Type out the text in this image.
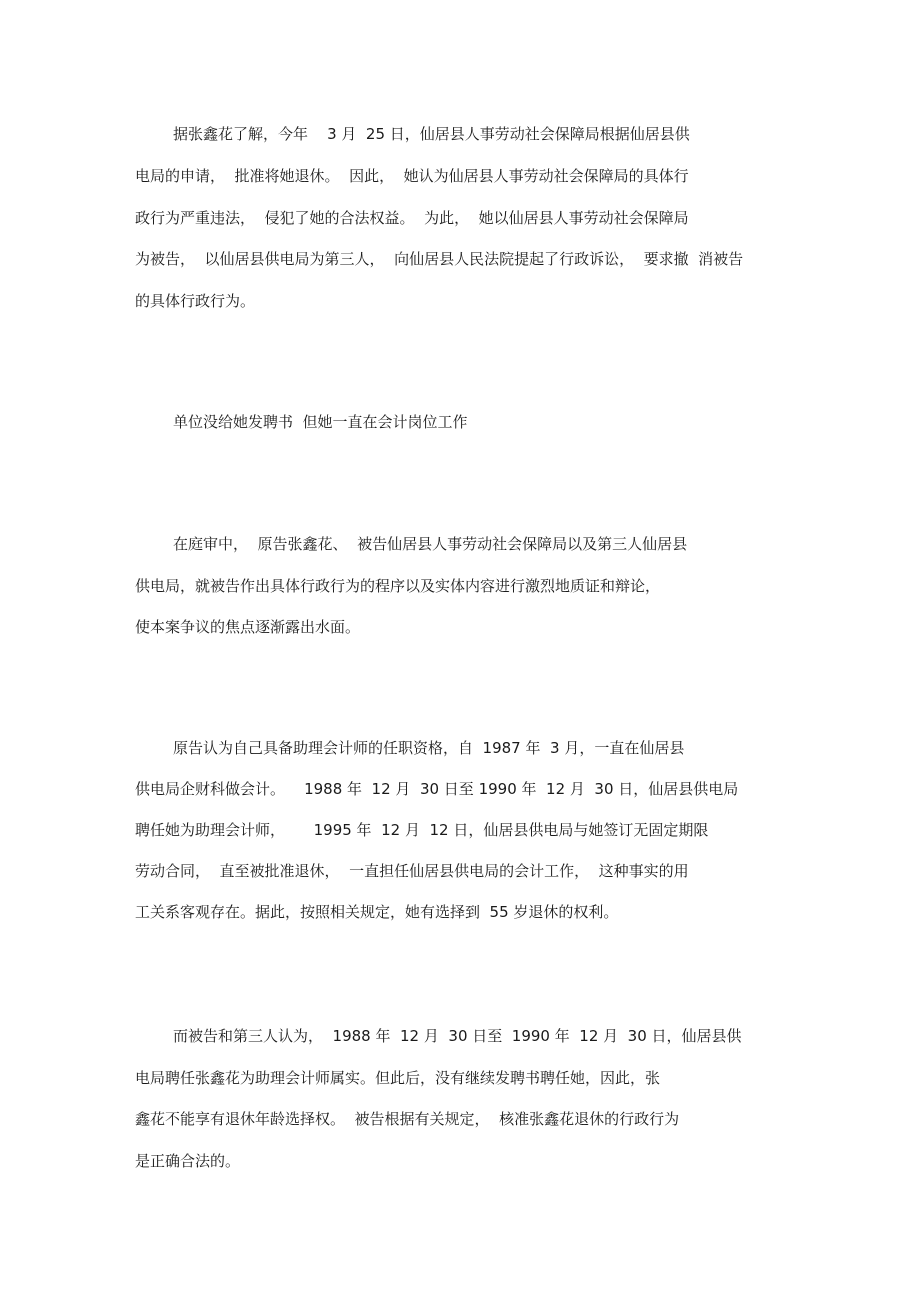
据张鑫花了解，今年    3 月  25 日，仙居县人事劳动社会保障局根据仙居县供
电局的申请，  批准将她退休。  因此，  她认为仙居县人事劳动社会保障局的具体行
政行为严重违法，  侵犯了她的合法权益。  为此，  她以仙居县人事劳动社会保障局
为被告，  以仙居县供电局为第三人，  向仙居县人民法院提起了行政诉讼，  要求撤  消被告
的具体行政行为。
单位没给她发聘书  但她一直在会计岗位工作
在庭审中，  原告张鑫花、  被告仙居县人事劳动社会保障局以及第三人仙居县
供电局，就被告作出具体行政行为的程序以及实体内容进行激烈地质证和辩论，
使本案争议的焦点逐渐露出水面。
原告认为自己具备助理会计师的任职资格，自  1987 年  3 月，一直在仙居县
供电局企财科做会计。    1988 年  12 月  30 日至 1990 年  12 月  30 日，仙居县供电局
聘任她为助理会计师，      1995 年  12 月  12 日，仙居县供电局与她签订无固定期限
劳动合同，  直至被批准退休，  一直担任仙居县供电局的会计工作，  这种事实的用
工关系客观存在。据此，按照相关规定，她有选择到  55 岁退休的权利。
而被告和第三人认为，  1988 年  12 月  30 日至  1990 年  12 月  30 日，仙居县供
电局聘任张鑫花为助理会计师属实。但此后，没有继续发聘书聘任她，因此，张
鑫花不能享有退休年龄选择权。  被告根据有关规定，  核准张鑫花退休的行政行为
是正确合法的。
